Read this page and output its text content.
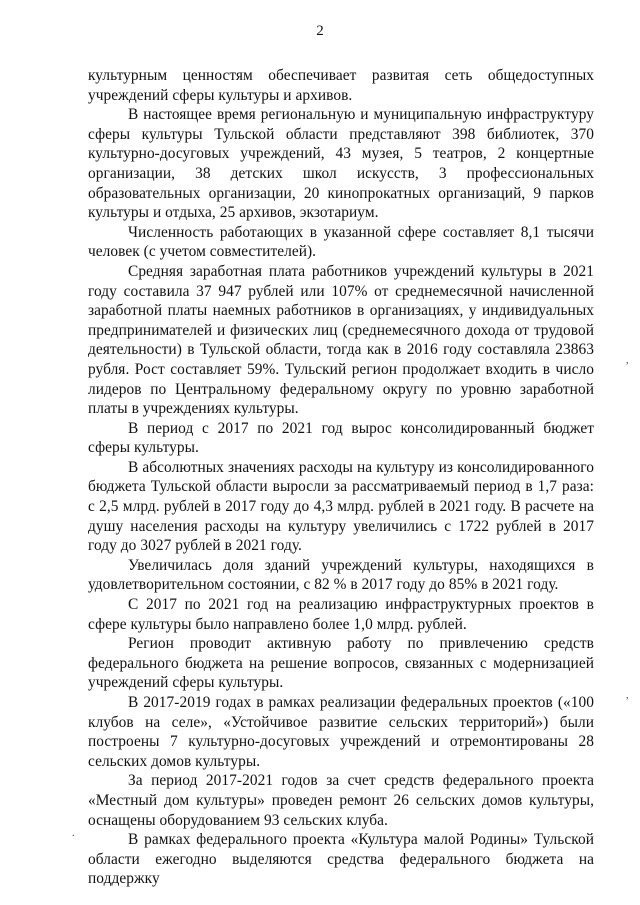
2

культурным ценностям обеспечивает развитая сеть общедоступных учреждений сферы культуры и архивов.

В настоящее время региональную и муниципальную инфраструктуру сферы культуры Тульской области представляют 398 библиотек, 370 культурно-досуговых учреждений, 43 музея, 5 театров, 2 концертные организации, 38 детских школ искусств, 3 профессиональных образовательных организации, 20 кинопрокатных организаций, 9 парков культуры и отдыха, 25 архивов, экзотариум.

Численность работающих в указанной сфере составляет 8,1 тысячи человек (с учетом совместителей).

Средняя заработная плата работников учреждений культуры в 2021 году составила 37 947 рублей или 107% от среднемесячной начисленной заработной платы наемных работников в организациях, у индивидуальных предпринимателей и физических лиц (среднемесячного дохода от трудовой деятельности) в Тульской области, тогда как в 2016 году составляла 23863 рубля. Рост составляет 59%. Тульский регион продолжает входить в число лидеров по Центральному федеральному округу по уровню заработной платы в учреждениях культуры.

В период с 2017 по 2021 год вырос консолидированный бюджет сферы культуры.

В абсолютных значениях расходы на культуру из консолидированного бюджета Тульской области выросли за рассматриваемый период в 1,7 раза: с 2,5 млрд. рублей в 2017 году до 4,3 млрд. рублей в 2021 году. В расчете на душу населения расходы на культуру увеличились с 1722 рублей в 2017 году до 3027 рублей в 2021 году.

Увеличилась доля зданий учреждений культуры, находящихся в удовлетворительном состоянии, с 82 % в 2017 году до 85% в 2021 году.

С 2017 по 2021 год на реализацию инфраструктурных проектов в сфере культуры было направлено более 1,0 млрд. рублей.

Регион проводит активную работу по привлечению средств федерального бюджета на решение вопросов, связанных с модернизацией учреждений сферы культуры.

В 2017-2019 годах в рамках реализации федеральных проектов («100 клубов на селе», «Устойчивое развитие сельских территорий») были построены 7 культурно-досуговых учреждений и отремонтированы 28 сельских домов культуры.

За период 2017-2021 годов за счет средств федерального проекта «Местный дом культуры» проведен ремонт 26 сельских домов культуры, оснащены оборудованием 93 сельских клуба.

В рамках федерального проекта «Культура малой Родины» Тульской области ежегодно выделяются средства федерального бюджета на поддержку

,
,
.
